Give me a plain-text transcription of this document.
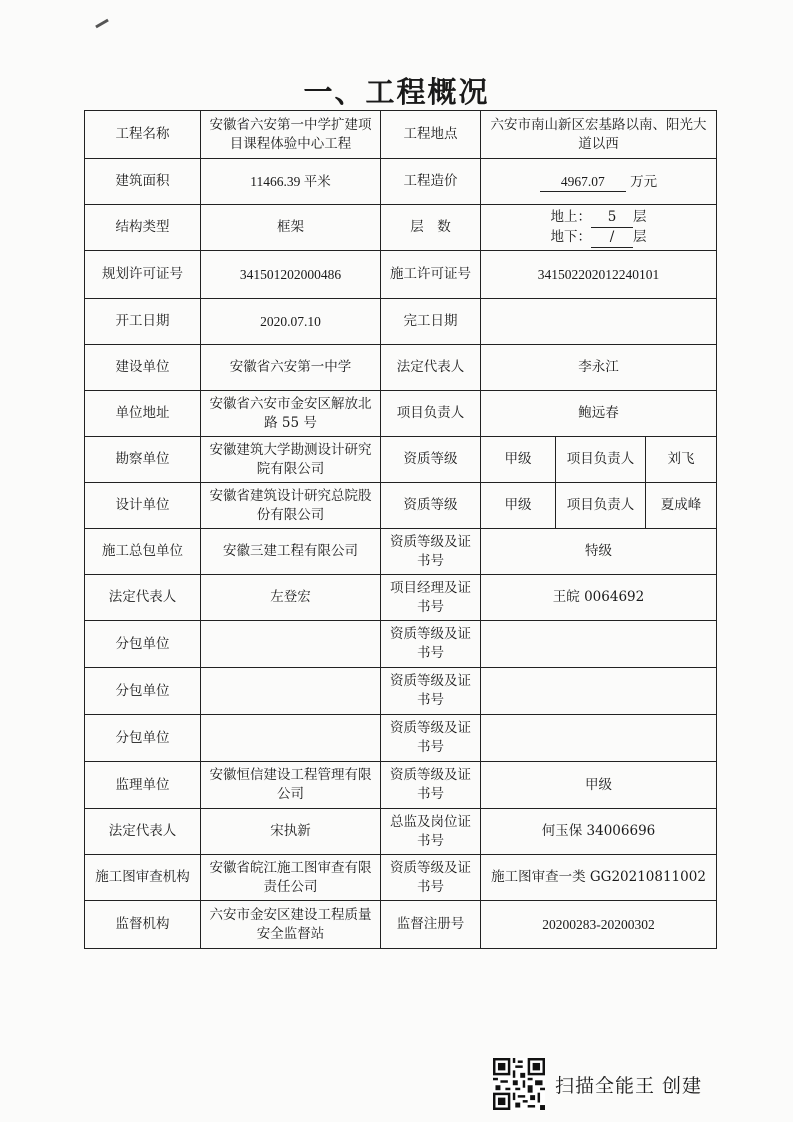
一、工程概况
工程名称	安徽省六安第一中学扩建项目课程体验中心工程	工程地点	六安市南山新区宏基路以南、阳光大道以西		
建筑面积	11466.39 平米	工程造价	4967.07 万元		
结构类型	框架	层　数	地上： 5 层
地下： / 层		

规划许可证号	341501202000486	施工许可证号	341502202012240101		
开工日期	2020.07.10	完工日期			
建设单位	安徽省六安第一中学	法定代表人	李永江		
单位地址	安徽省六安市金安区解放北路 55 号	项目负责人	鲍远春		
勘察单位	安徽建筑大学勘测设计研究院有限公司	资质等级	甲级	项目负责人	刘飞
设计单位	安徽省建筑设计研究总院股份有限公司	资质等级	甲级	项目负责人	夏成峰
施工总包单位	安徽三建工程有限公司	资质等级及证书号	特级		
法定代表人	左登宏	项目经理及证书号	王皖 0064692		
分包单位		资质等级及证书号			
分包单位		资质等级及证书号			
分包单位		资质等级及证书号			
监理单位	安徽恒信建设工程管理有限公司	资质等级及证书号	甲级		
法定代表人	宋执新	总监及岗位证书号	何玉保 34006696		
施工图审查机构	安徽省皖江施工图审查有限责任公司	资质等级及证书号	施工图审查一类 GG20210811002		
监督机构	六安市金安区建设工程质量安全监督站	监督注册号	20200283-20200302		
扫描全能王 创建
